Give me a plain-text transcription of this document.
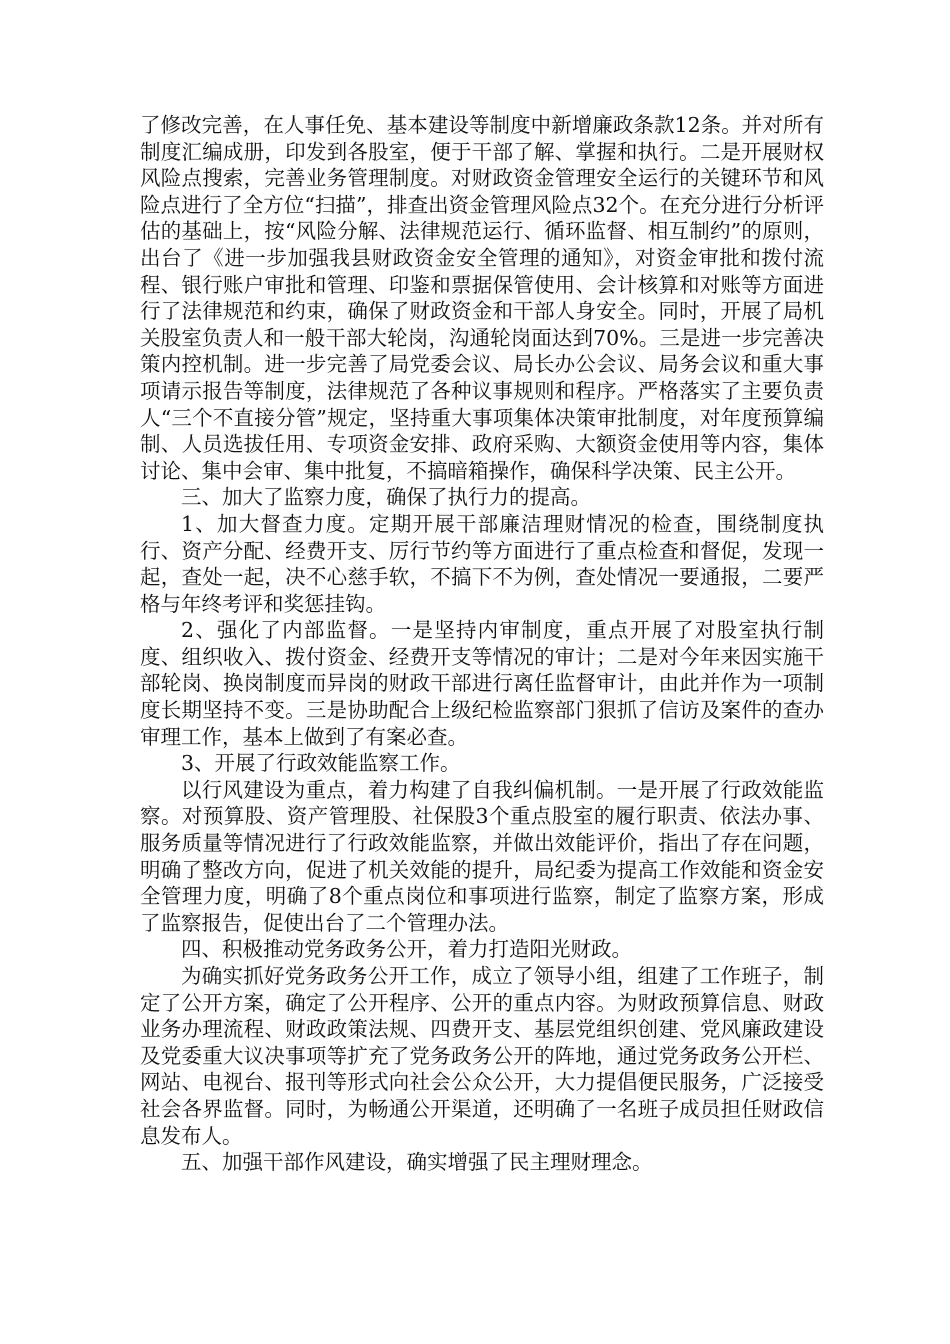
了修改完善，在人事任免、基本建设等制度中新增廉政条款12条。并对所有制度汇编成册，印发到各股室，便于干部了解、掌握和执行。二是开展财权风险点搜索，完善业务管理制度。对财政资金管理安全运行的关键环节和风险点进行了全方位“扫描”，排查出资金管理风险点32个。在充分进行分析评估的基础上，按“风险分解、法律规范运行、循环监督、相互制约”的原则，出台了《进一步加强我县财政资金安全管理的通知》，对资金审批和拨付流程、银行账户审批和管理、印鉴和票据保管使用、会计核算和对账等方面进行了法律规范和约束，确保了财政资金和干部人身安全。同时，开展了局机关股室负责人和一般干部大轮岗，沟通轮岗面达到70%。三是进一步完善决策内控机制。进一步完善了局党委会议、局长办公会议、局务会议和重大事项请示报告等制度，法律规范了各种议事规则和程序。严格落实了主要负责人“三个不直接分管”规定，坚持重大事项集体决策审批制度，对年度预算编制、人员选拔任用、专项资金安排、政府采购、大额资金使用等内容，集体讨论、集中会审、集中批复，不搞暗箱操作，确保科学决策、民主公开。

三、加大了监察力度，确保了执行力的提高。

1、加大督查力度。定期开展干部廉洁理财情况的检查，围绕制度执行、资产分配、经费开支、厉行节约等方面进行了重点检查和督促，发现一起，查处一起，决不心慈手软，不搞下不为例，查处情况一要通报，二要严格与年终考评和奖惩挂钩。

2、强化了内部监督。一是坚持内审制度，重点开展了对股室执行制度、组织收入、拨付资金、经费开支等情况的审计；二是对今年来因实施干部轮岗、换岗制度而异岗的财政干部进行离任监督审计，由此并作为一项制度长期坚持不变。三是协助配合上级纪检监察部门狠抓了信访及案件的查办审理工作，基本上做到了有案必查。

3、开展了行政效能监察工作。

以行风建设为重点，着力构建了自我纠偏机制。一是开展了行政效能监察。对预算股、资产管理股、社保股3个重点股室的履行职责、依法办事、服务质量等情况进行了行政效能监察，并做出效能评价，指出了存在问题，明确了整改方向，促进了机关效能的提升，局纪委为提高工作效能和资金安全管理力度，明确了8个重点岗位和事项进行监察，制定了监察方案，形成了监察报告，促使出台了二个管理办法。

四、积极推动党务政务公开，着力打造阳光财政。

为确实抓好党务政务公开工作，成立了领导小组，组建了工作班子，制定了公开方案，确定了公开程序、公开的重点内容。为财政预算信息、财政业务办理流程、财政政策法规、四费开支、基层党组织创建、党风廉政建设及党委重大议决事项等扩充了党务政务公开的阵地，通过党务政务公开栏、网站、电视台、报刊等形式向社会公众公开，大力提倡便民服务，广泛接受社会各界监督。同时，为畅通公开渠道，还明确了一名班子成员担任财政信息发布人。

五、加强干部作风建设，确实增强了民主理财理念。
